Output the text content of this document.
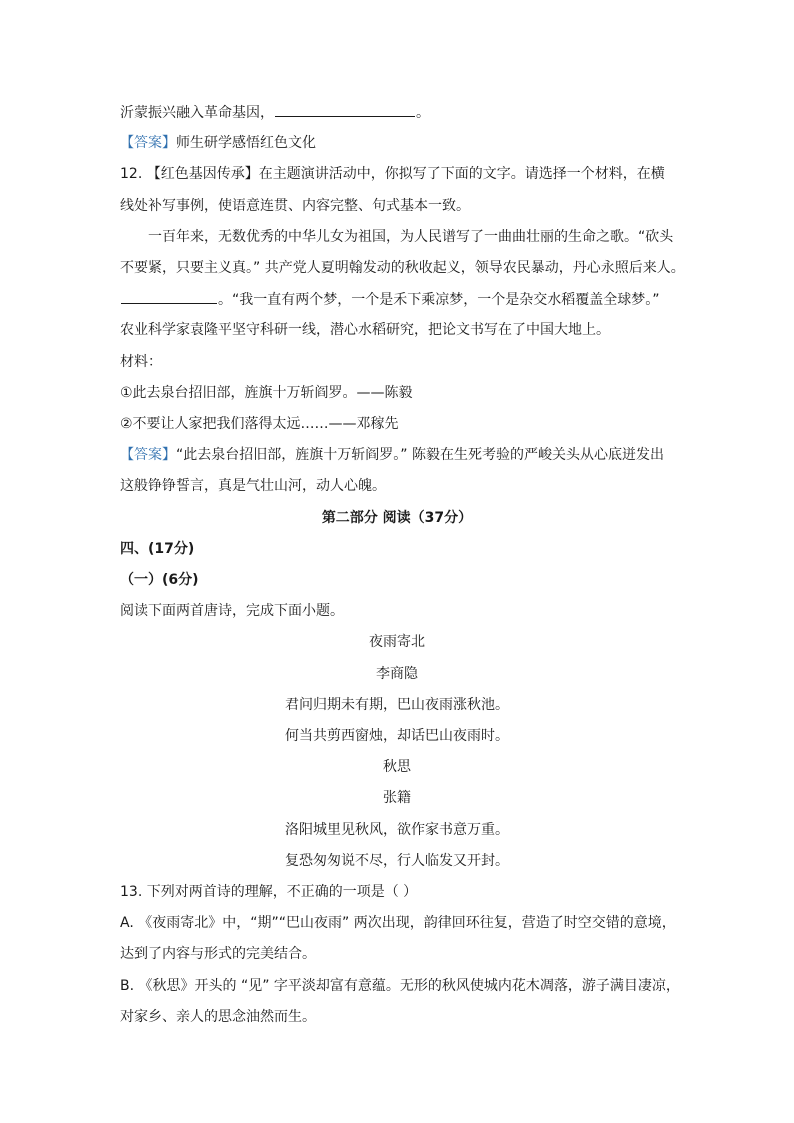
沂蒙振兴融入革命基因，	。
【答案】师生研学感悟红色文化
12. 【红色基因传承】在主题演讲活动中，你拟写了下面的文字。请选择一个材料，在横
线处补写事例，使语意连贯、内容完整、句式基本一致。
一百年来，无数优秀的中华儿女为祖国，为人民谱写了一曲曲壮丽的生命之歌。“砍头
不要紧，只要主义真。” 共产党人夏明翰发动的秋收起义，领导农民暴动，丹心永照后来人。
。“我一直有两个梦，一个是禾下乘凉梦，一个是杂交水稻覆盖全球梦。”
农业科学家袁隆平坚守科研一线，潜心水稻研究，把论文书写在了中国大地上。
材料：
①此去泉台招旧部，旌旗十万斩阎罗。——陈毅
②不要让人家把我们落得太远……——邓稼先
【答案】“此去泉台招旧部，旌旗十万斩阎罗。” 陈毅在生死考验的严峻关头从心底迸发出
这般铮铮誓言，真是气壮山河，动人心魄。
第二部分 阅读（37分）
四、(17分)
（一）(6分)
阅读下面两首唐诗，完成下面小题。
夜雨寄北
李商隐
君问归期未有期，巴山夜雨涨秋池。
何当共剪西窗烛，却话巴山夜雨时。
秋思
张籍
洛阳城里见秋风，欲作家书意万重。
复恐匆匆说不尽，行人临发又开封。
13. 下列对两首诗的理解，不正确的一项是（ ）
A. 《夜雨寄北》中，“期”“巴山夜雨” 两次出现，韵律回环往复，营造了时空交错的意境，
达到了内容与形式的完美结合。
B. 《秋思》开头的 “见” 字平淡却富有意蕴。无形的秋风使城内花木凋落，游子满目凄凉，
对家乡、亲人的思念油然而生。
